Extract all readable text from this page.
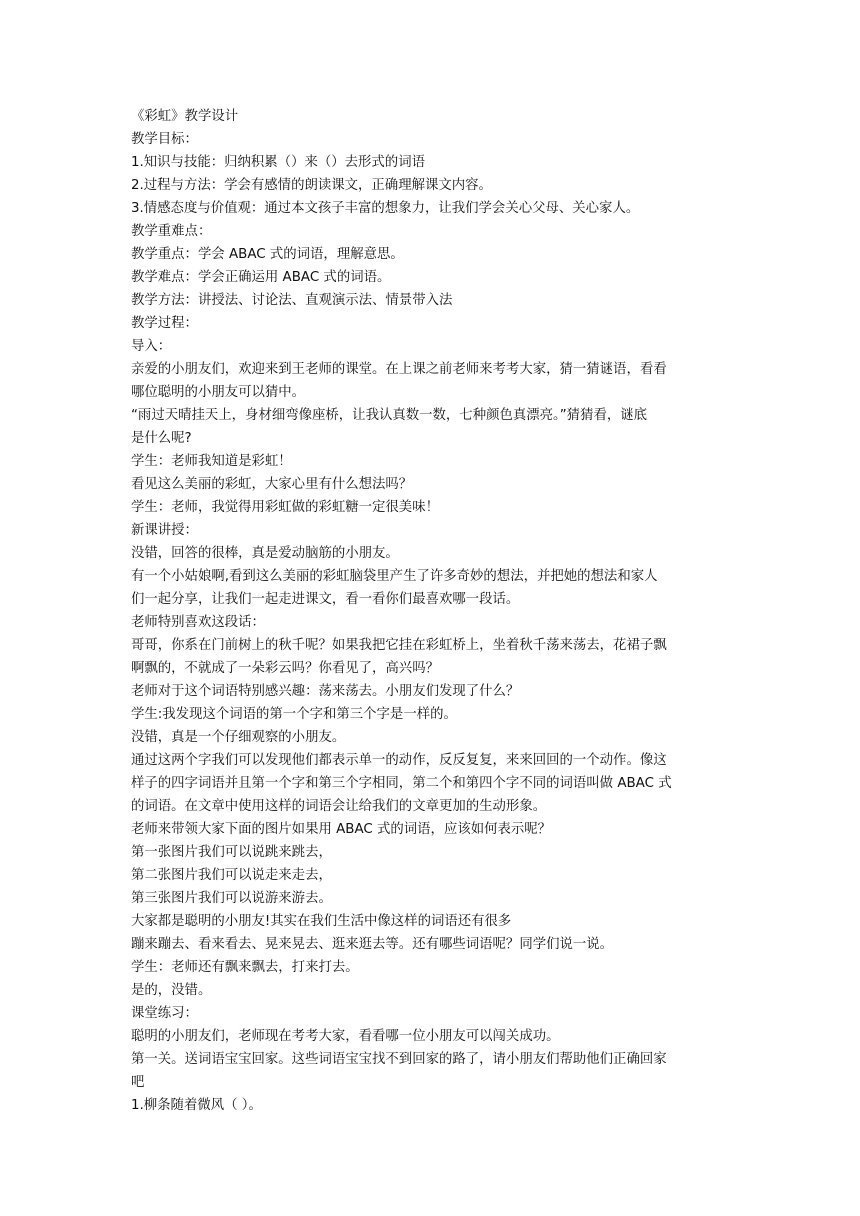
《彩虹》教学设计

教学目标：

1.知识与技能：归纳积累（）来（）去形式的词语

2.过程与方法：学会有感情的朗读课文，正确理解课文内容。

3.情感态度与价值观：通过本文孩子丰富的想象力，让我们学会关心父母、关心家人。

教学重难点：

教学重点：学会 ABAC 式的词语，理解意思。

教学难点：学会正确运用 ABAC 式的词语。

教学方法：讲授法、讨论法、直观演示法、情景带入法

教学过程：

导入：

亲爱的小朋友们，欢迎来到王老师的课堂。在上课之前老师来考考大家，猜一猜谜语，看看

哪位聪明的小朋友可以猜中。

“雨过天晴挂天上，身材细弯像座桥，让我认真数一数，七种颜色真漂亮。”猜猜看，谜底

是什么呢?

学生：老师我知道是彩虹！

看见这么美丽的彩虹，大家心里有什么想法吗？

学生：老师，我觉得用彩虹做的彩虹糖一定很美味！

新课讲授：

没错，回答的很棒，真是爱动脑筋的小朋友。

有一个小姑娘啊,看到这么美丽的彩虹脑袋里产生了许多奇妙的想法，并把她的想法和家人

们一起分享，让我们一起走进课文，看一看你们最喜欢哪一段话。

老师特别喜欢这段话：

哥哥，你系在门前树上的秋千呢？如果我把它挂在彩虹桥上，坐着秋千荡来荡去，花裙子飘

啊飘的，不就成了一朵彩云吗？你看见了，高兴吗？

老师对于这个词语特别感兴趣：荡来荡去。小朋友们发现了什么？

学生:我发现这个词语的第一个字和第三个字是一样的。

没错，真是一个仔细观察的小朋友。

通过这两个字我们可以发现他们都表示单一的动作，反反复复，来来回回的一个动作。像这

样子的四字词语并且第一个字和第三个字相同，第二个和第四个字不同的词语叫做 ABAC 式

的词语。在文章中使用这样的词语会让给我们的文章更加的生动形象。

老师来带领大家下面的图片如果用 ABAC 式的词语，应该如何表示呢？

第一张图片我们可以说跳来跳去，

第二张图片我们可以说走来走去，

第三张图片我们可以说游来游去。

大家都是聪明的小朋友!其实在我们生活中像这样的词语还有很多

蹦来蹦去、看来看去、晃来晃去、逛来逛去等。还有哪些词语呢？同学们说一说。

学生：老师还有飘来飘去，打来打去。

是的，没错。

课堂练习：

聪明的小朋友们，老师现在考考大家，看看哪一位小朋友可以闯关成功。

第一关。送词语宝宝回家。这些词语宝宝找不到回家的路了，请小朋友们帮助他们正确回家

吧

1.柳条随着微风（ ）。
